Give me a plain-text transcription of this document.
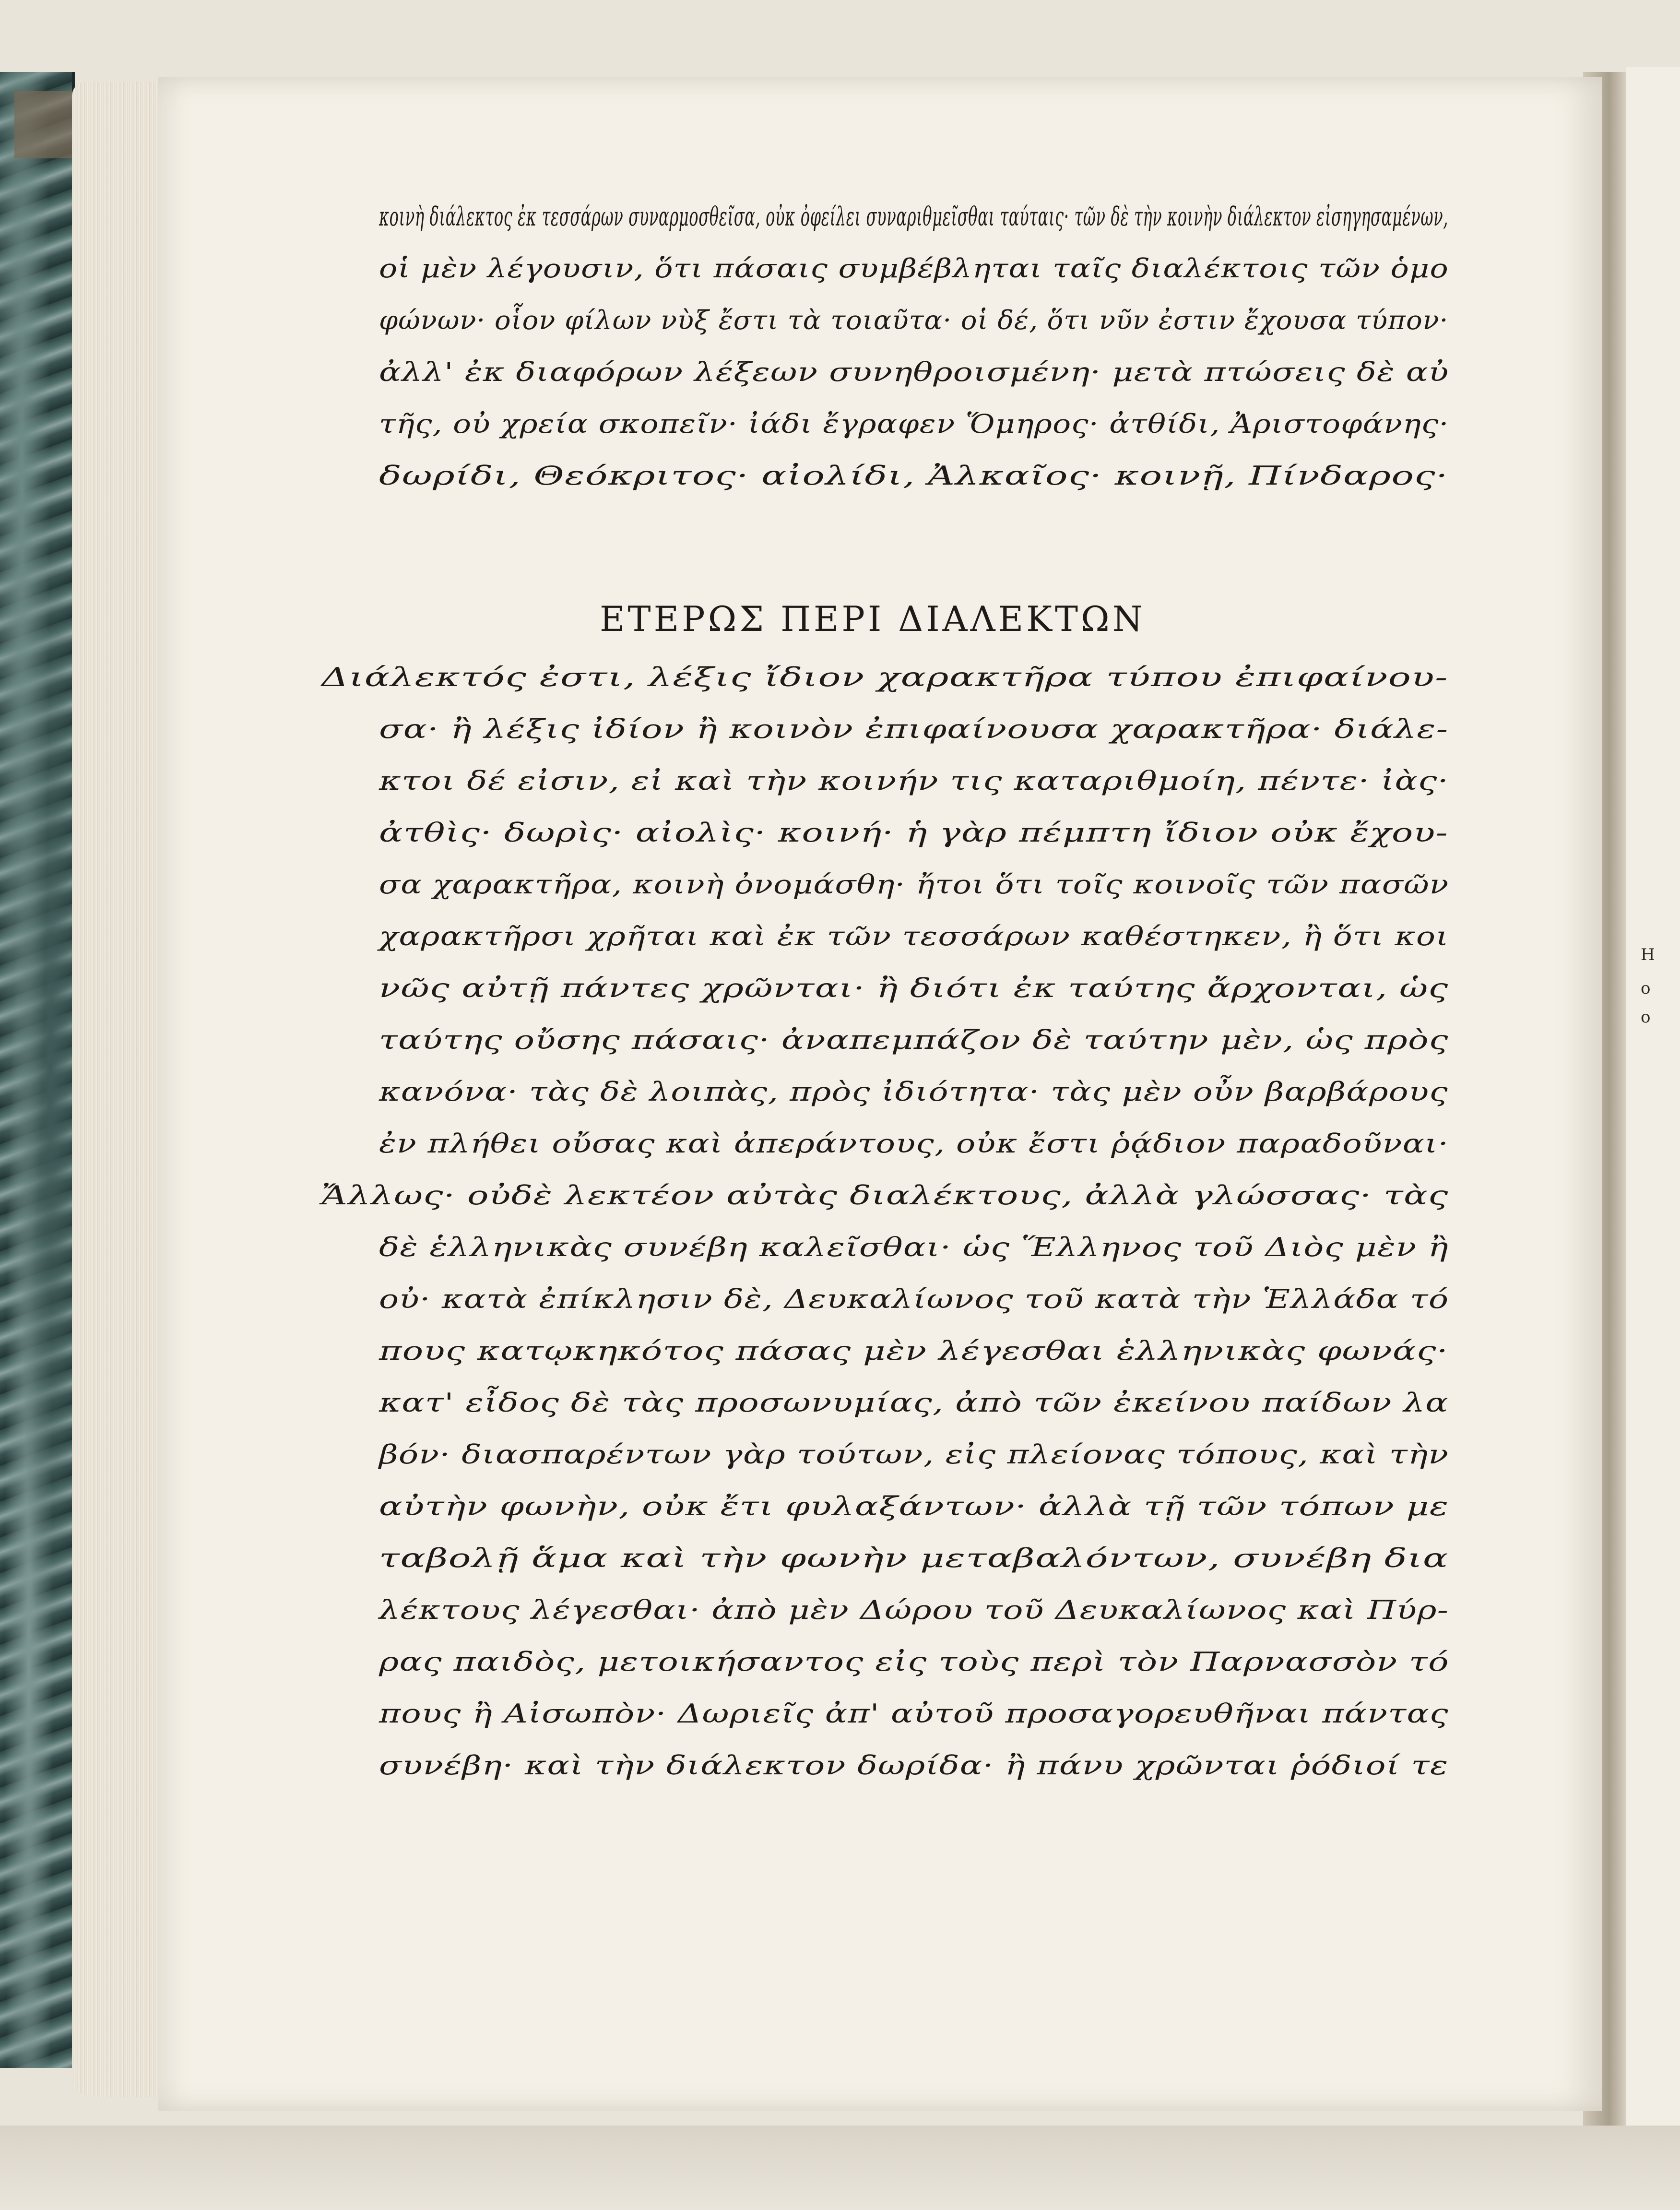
H
o
o
κοινὴ διάλεκτος ἐκ τεσσάρων συναρμοσθεῖσα, οὐκ ὀφείλει συναριθμεῖσθαι ταύταις· τῶν δὲ τὴν κοινὴν διάλεκτον εἰσηγησαμένων,
οἱ μὲν λέγουσιν, ὅτι πάσαις συμβέβληται ταῖς διαλέκτοις τῶν ὁμο
φώνων· οἷον φίλων νὺξ ἔστι τὰ τοιαῦτα· οἱ δέ, ὅτι νῦν ἐστιν ἔχουσα τύπον·
ἀλλ' ἐκ διαφόρων λέξεων συνηθροισμένη· μετὰ πτώσεις δὲ αὐ
τῆς, οὐ χρεία σκοπεῖν· ἰάδι ἔγραφεν Ὅμηρος· ἀτθίδι, Ἀριστοφάνης·
δωρίδι, Θεόκριτος· αἰολίδι, Ἀλκαῖος· κοινῇ, Πίνδαρος·
ΕΤΕΡΩΣ ΠΕΡΙ ΔΙΑΛΕΚΤΩΝ
Διάλεκτός ἐστι, λέξις ἴδιον χαρακτῆρα τύπου ἐπιφαίνου-
σα· ἢ λέξις ἰδίον ἢ κοινὸν ἐπιφαίνουσα χαρακτῆρα· διάλε-
κτοι δέ εἰσιν, εἰ καὶ τὴν κοινήν τις καταριθμοίη, πέντε· ἰὰς·
ἀτθὶς· δωρὶς· αἰολὶς· κοινή· ἡ γὰρ πέμπτη ἴδιον οὐκ ἔχου-
σα χαρακτῆρα, κοινὴ ὀνομάσθη· ἤτοι ὅτι τοῖς κοινοῖς τῶν πασῶν
χαρακτῆρσι χρῆται καὶ ἐκ τῶν τεσσάρων καθέστηκεν, ἢ ὅτι κοι
νῶς αὐτῇ πάντες χρῶνται· ἢ διότι ἐκ ταύτης ἄρχονται, ὡς
ταύτης οὔσης πάσαις· ἀναπεμπάζον δὲ ταύτην μὲν, ὡς πρὸς
κανόνα· τὰς δὲ λοιπὰς, πρὸς ἰδιότητα· τὰς μὲν οὖν βαρβάρους
ἐν πλήθει οὔσας καὶ ἀπεράντους, οὐκ ἔστι ῥᾴδιον παραδοῦναι·
Ἄλλως· οὐδὲ λεκτέον αὐτὰς διαλέκτους, ἀλλὰ γλώσσας· τὰς
δὲ ἑλληνικὰς συνέβη καλεῖσθαι· ὡς Ἕλληνος τοῦ Διὸς μὲν ἢ
οὐ· κατὰ ἐπίκλησιν δὲ, Δευκαλίωνος τοῦ κατὰ τὴν Ἑλλάδα τό
πους κατῳκηκότος πάσας μὲν λέγεσθαι ἑλληνικὰς φωνάς·
κατ' εἶδος δὲ τὰς προσωνυμίας, ἀπὸ τῶν ἐκείνου παίδων λα
βόν· διασπαρέντων γὰρ τούτων, εἰς πλείονας τόπους, καὶ τὴν
αὐτὴν φωνὴν, οὐκ ἔτι φυλαξάντων· ἀλλὰ τῇ τῶν τόπων με
ταβολῇ ἅμα καὶ τὴν φωνὴν μεταβαλόντων, συνέβη δια
λέκτους λέγεσθαι· ἀπὸ μὲν Δώρου τοῦ Δευκαλίωνος καὶ Πύρ-
ρας παιδὸς, μετοικήσαντος εἰς τοὺς περὶ τὸν Παρνασσὸν τό
πους ἢ Αἰσωπὸν· Δωριεῖς ἀπ' αὐτοῦ προσαγορευθῆναι πάντας
συνέβη· καὶ τὴν διάλεκτον δωρίδα· ἢ πάνυ χρῶνται ῥόδιοί τε
